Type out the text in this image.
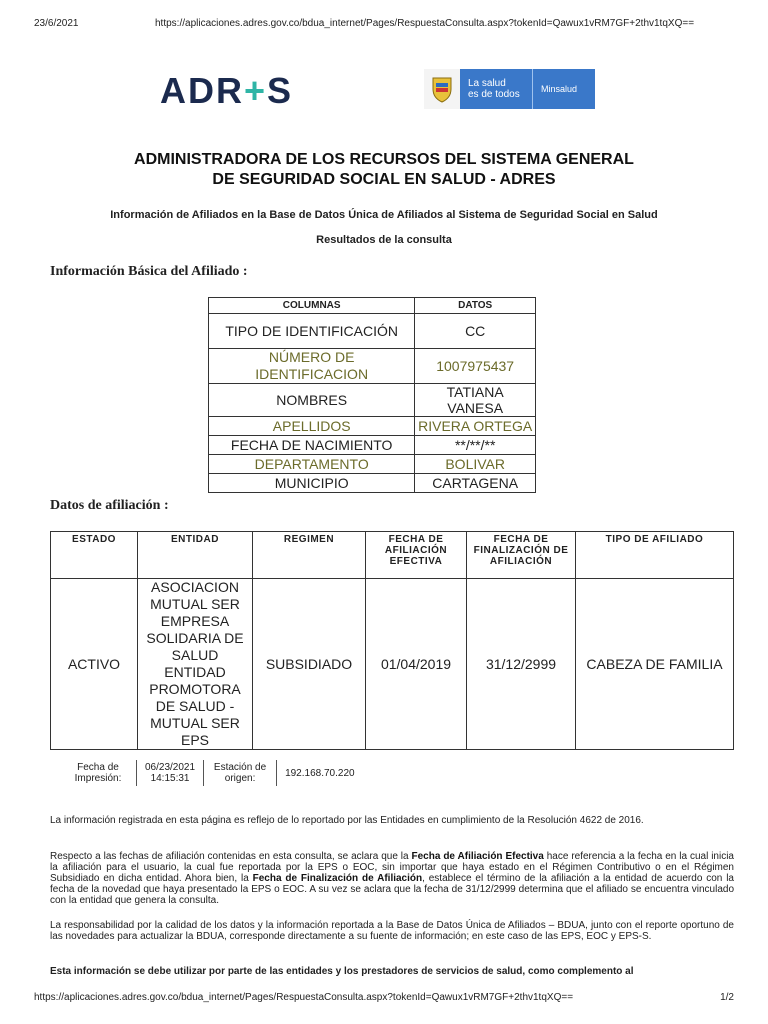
23/6/2021	https://aplicaciones.adres.gov.co/bdua_internet/Pages/RespuestaConsulta.aspx?tokenId=Qawux1vRM7GF+2thv1tqXQ==
ADR+S	La salud
es de todos	Minsalud
ADMINISTRADORA DE LOS RECURSOS DEL SISTEMA GENERAL
DE SEGURIDAD SOCIAL EN SALUD - ADRES
Información de Afiliados en la Base de Datos Única de Afiliados al Sistema de Seguridad Social en Salud
Resultados de la consulta
Información Básica del Afiliado :
COLUMNAS	DATOS
TIPO DE IDENTIFICACIÓN	CC
NÚMERO DE IDENTIFICACION	1007975437
NOMBRES	TATIANA VANESA
APELLIDOS	RIVERA ORTEGA
FECHA DE NACIMIENTO	**/**/**
DEPARTAMENTO	BOLIVAR
MUNICIPIO	CARTAGENA
Datos de afiliación :
ESTADO	ENTIDAD	REGIMEN	FECHA DE AFILIACIÓN EFECTIVA	FECHA DE FINALIZACIÓN DE AFILIACIÓN	TIPO DE AFILIADO
ACTIVO	ASOCIACION MUTUAL SER EMPRESA SOLIDARIA DE SALUD ENTIDAD PROMOTORA DE SALUD - MUTUAL SER EPS	SUBSIDIADO	01/04/2019	31/12/2999	CABEZA DE FAMILIA
Fecha de Impresión:
06/23/2021
14:15:31
Estación de origen:	192.168.70.220
La información registrada en esta página es reflejo de lo reportado por las Entidades en cumplimiento de la Resolución 4622 de 2016.
Respecto a las fechas de afiliación contenidas en esta consulta, se aclara que la Fecha de Afiliación Efectiva hace referencia a la fecha en la cual inicia la afiliación para el usuario, la cual fue reportada por la EPS o EOC, sin importar que haya estado en el Régimen Contributivo o en el Régimen Subsidiado en dicha entidad. Ahora bien, la Fecha de Finalización de Afiliación, establece el término de la afiliación a la entidad de acuerdo con la fecha de la novedad que haya presentado la EPS o EOC. A su vez se aclara que la fecha de 31/12/2999 determina que el afiliado se encuentra vinculado con la entidad que genera la consulta.
La responsabilidad por la calidad de los datos y la información reportada a la Base de Datos Única de Afiliados – BDUA, junto con el reporte oportuno de las novedades para actualizar la BDUA, corresponde directamente a su fuente de información; en este caso de las EPS, EOC y EPS-S.
Esta información se debe utilizar por parte de las entidades y los prestadores de servicios de salud, como complemento al
https://aplicaciones.adres.gov.co/bdua_internet/Pages/RespuestaConsulta.aspx?tokenId=Qawux1vRM7GF+2thv1tqXQ==	1/2
